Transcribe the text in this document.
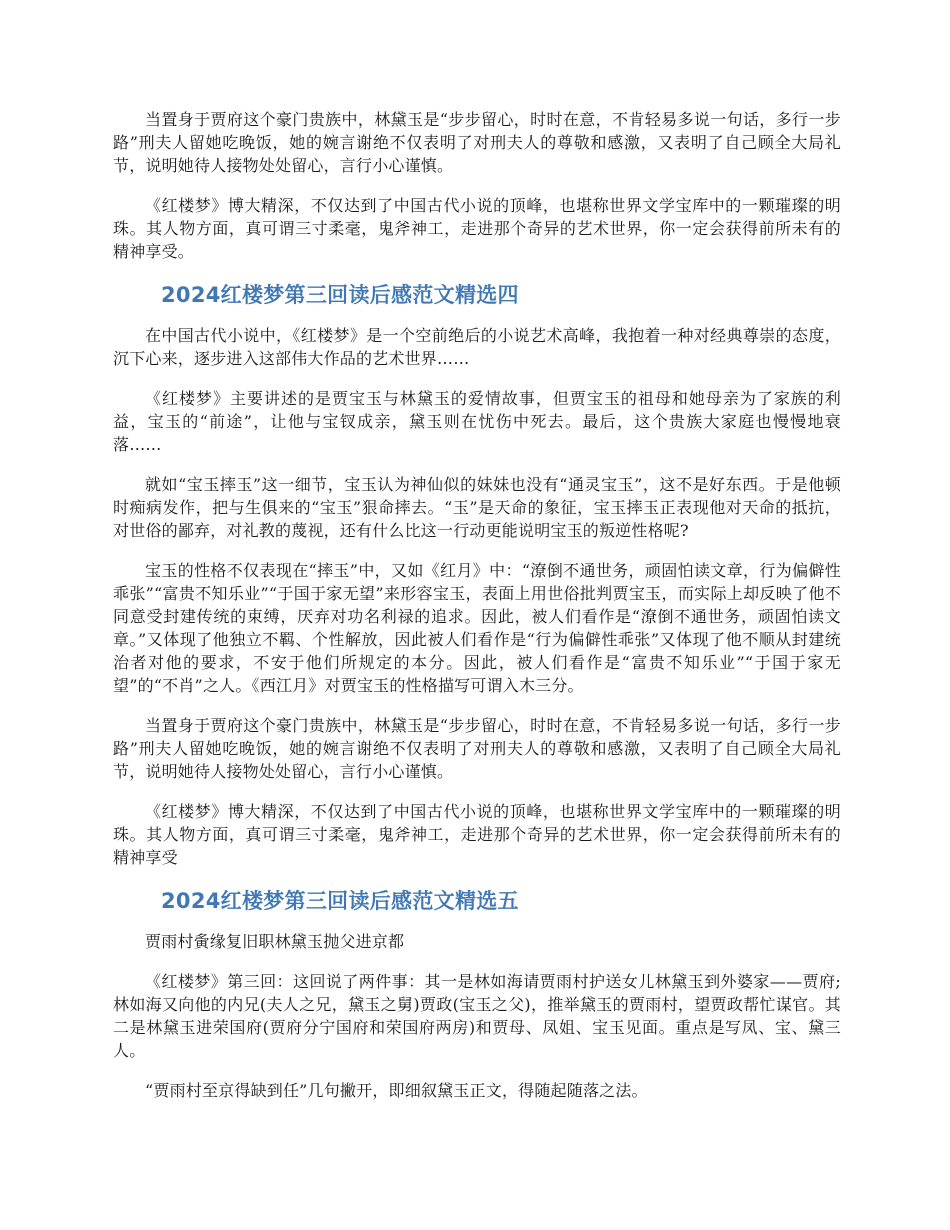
当置身于贾府这个豪门贵族中，林黛玉是“步步留心，时时在意，不肯轻易多说一句话，多行一步路”刑夫人留她吃晚饭，她的婉言谢绝不仅表明了对刑夫人的尊敬和感激，又表明了自己顾全大局礼节，说明她待人接物处处留心，言行小心谨慎。

《红楼梦》博大精深，不仅达到了中国古代小说的顶峰，也堪称世界文学宝库中的一颗璀璨的明珠。其人物方面，真可谓三寸柔毫，鬼斧神工，走进那个奇异的艺术世界，你一定会获得前所未有的精神享受。

2024红楼梦第三回读后感范文精选四

在中国古代小说中，《红楼梦》是一个空前绝后的小说艺术高峰，我抱着一种对经典尊崇的态度，沉下心来，逐步进入这部伟大作品的艺术世界……

《红楼梦》主要讲述的是贾宝玉与林黛玉的爱情故事，但贾宝玉的祖母和她母亲为了家族的利益，宝玉的“前途”，让他与宝钗成亲，黛玉则在忧伤中死去。最后，这个贵族大家庭也慢慢地衰落……

就如“宝玉摔玉”这一细节，宝玉认为神仙似的妹妹也没有“通灵宝玉”，这不是好东西。于是他顿时痴病发作，把与生俱来的“宝玉”狠命摔去。“玉”是天命的象征，宝玉摔玉正表现他对天命的抵抗，对世俗的鄙弃，对礼教的蔑视，还有什么比这一行动更能说明宝玉的叛逆性格呢?

宝玉的性格不仅表现在“摔玉”中，又如《红月》中：“潦倒不通世务，顽固怕读文章，行为偏僻性乖张”“富贵不知乐业”“于国于家无望”来形容宝玉，表面上用世俗批判贾宝玉，而实际上却反映了他不同意受封建传统的束缚，厌弃对功名利禄的追求。因此，被人们看作是“潦倒不通世务，顽固怕读文章。”又体现了他独立不羁、个性解放，因此被人们看作是“行为偏僻性乖张”又体现了他不顺从封建统治者对他的要求，不安于他们所规定的本分。因此，被人们看作是“富贵不知乐业”“于国于家无望”的“不肖”之人。《西江月》对贾宝玉的性格描写可谓入木三分。

当置身于贾府这个豪门贵族中，林黛玉是“步步留心，时时在意，不肯轻易多说一句话，多行一步路”刑夫人留她吃晚饭，她的婉言谢绝不仅表明了对刑夫人的尊敬和感激，又表明了自己顾全大局礼节，说明她待人接物处处留心，言行小心谨慎。

《红楼梦》博大精深，不仅达到了中国古代小说的顶峰，也堪称世界文学宝库中的一颗璀璨的明珠。其人物方面，真可谓三寸柔毫，鬼斧神工，走进那个奇异的艺术世界，你一定会获得前所未有的精神享受

2024红楼梦第三回读后感范文精选五

贾雨村夤缘复旧职林黛玉抛父进京都

《红楼梦》第三回：这回说了两件事：其一是林如海请贾雨村护送女儿林黛玉到外婆家——贾府;林如海又向他的内兄(夫人之兄，黛玉之舅)贾政(宝玉之父)，推举黛玉的贾雨村，望贾政帮忙谋官。其二是林黛玉进荣国府(贾府分宁国府和荣国府两房)和贾母、凤姐、宝玉见面。重点是写凤、宝、黛三人。

“贾雨村至京得缺到任”几句撇开，即细叙黛玉正文，得随起随落之法。
